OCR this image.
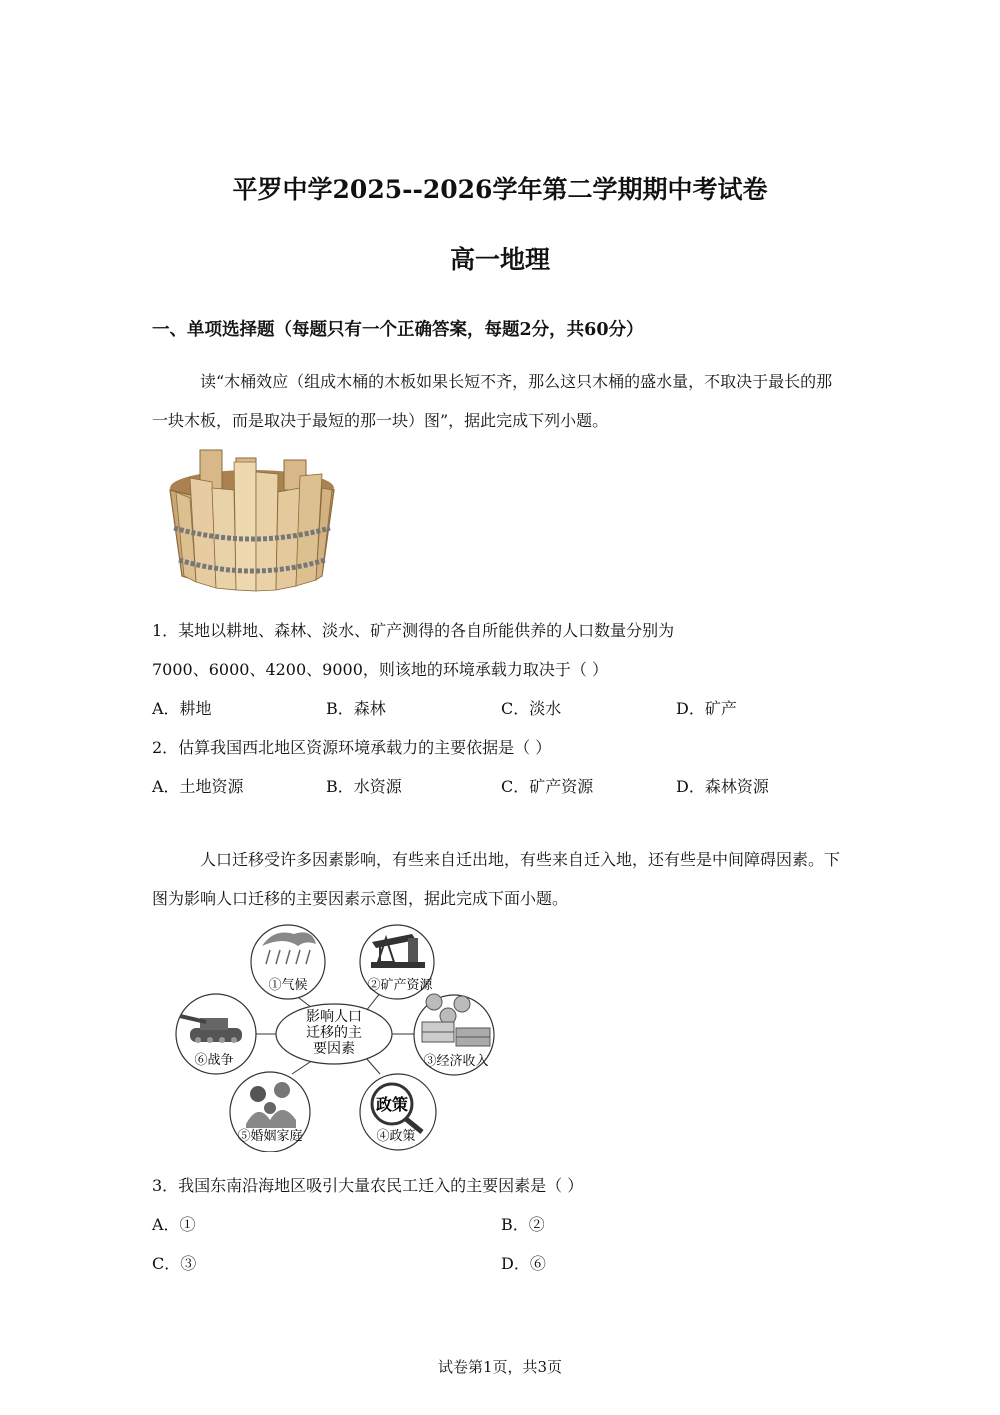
平罗中学2025--2026学年第二学期期中考试卷
高一地理
一、单项选择题（每题只有一个正确答案，每题2分，共60分）
读“木桶效应（组成木桶的木板如果长短不齐，那么这只木桶的盛水量，不取决于最长的那一块木板，而是取决于最短的那一块）图”，据此完成下列小题。
1．某地以耕地、森林、淡水、矿产测得的各自所能供养的人口数量分别为
7000、6000、4200、9000，则该地的环境承载力取决于（ ）
A．耕地	B．森林	C．淡水	D．矿产
2．估算我国西北地区资源环境承载力的主要依据是（ ）
A．土地资源	B．水资源	C．矿产资源	D．森林资源
人口迁移受许多因素影响，有些来自迁出地，有些来自迁入地，还有些是中间障碍因素。下图为影响人口迁移的主要因素示意图，据此完成下面小题。
影响人口
迁移的主
要因素
①气候	②矿产资源
③经济收入
政策
④政策
⑤婚姻家庭
⑥战争
3．我国东南沿海地区吸引大量农民工迁入的主要因素是（ ）
A．①	B．②
C．③	D．⑥
试卷第1页，共3页
